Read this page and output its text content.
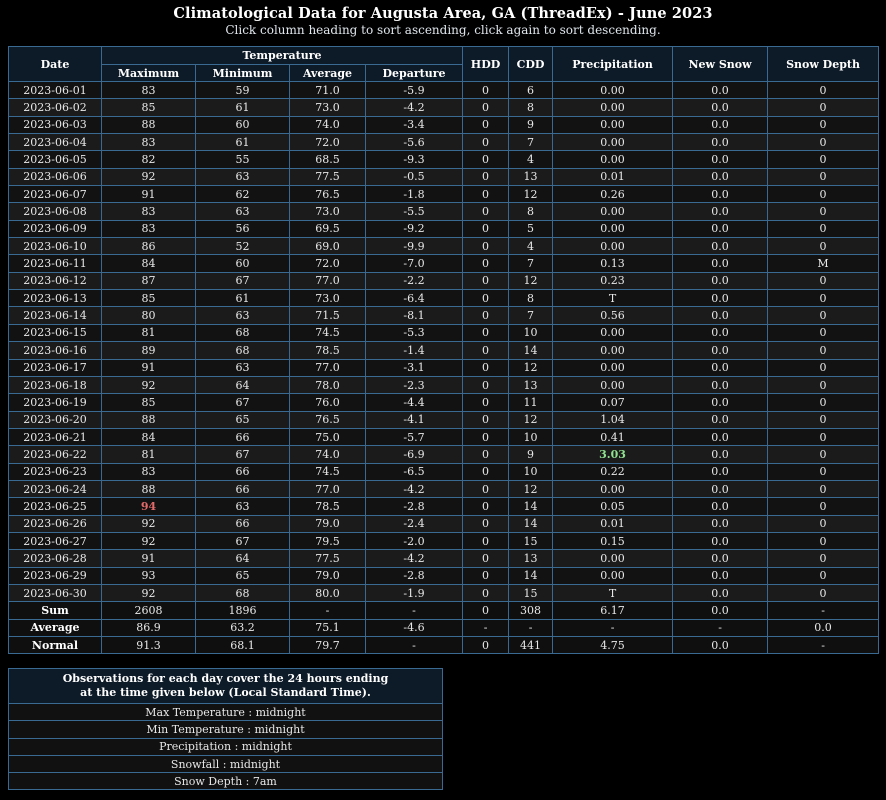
Climatological Data for Augusta Area, GA (ThreadEx) - June 2023
Click column heading to sort ascending, click again to sort descending.
Date	Temperature				HDD	CDD	Precipitation	New Snow	Snow Depth
	Maximum	Minimum	Average	Departure					
2023-06-01	83	59	71.0	-5.9	0	6	0.00	0.0	0
2023-06-02	85	61	73.0	-4.2	0	8	0.00	0.0	0
2023-06-03	88	60	74.0	-3.4	0	9	0.00	0.0	0
2023-06-04	83	61	72.0	-5.6	0	7	0.00	0.0	0
2023-06-05	82	55	68.5	-9.3	0	4	0.00	0.0	0
2023-06-06	92	63	77.5	-0.5	0	13	0.01	0.0	0
2023-06-07	91	62	76.5	-1.8	0	12	0.26	0.0	0
2023-06-08	83	63	73.0	-5.5	0	8	0.00	0.0	0
2023-06-09	83	56	69.5	-9.2	0	5	0.00	0.0	0
2023-06-10	86	52	69.0	-9.9	0	4	0.00	0.0	0
2023-06-11	84	60	72.0	-7.0	0	7	0.13	0.0	M
2023-06-12	87	67	77.0	-2.2	0	12	0.23	0.0	0
2023-06-13	85	61	73.0	-6.4	0	8	T	0.0	0
2023-06-14	80	63	71.5	-8.1	0	7	0.56	0.0	0
2023-06-15	81	68	74.5	-5.3	0	10	0.00	0.0	0
2023-06-16	89	68	78.5	-1.4	0	14	0.00	0.0	0
2023-06-17	91	63	77.0	-3.1	0	12	0.00	0.0	0
2023-06-18	92	64	78.0	-2.3	0	13	0.00	0.0	0
2023-06-19	85	67	76.0	-4.4	0	11	0.07	0.0	0
2023-06-20	88	65	76.5	-4.1	0	12	1.04	0.0	0
2023-06-21	84	66	75.0	-5.7	0	10	0.41	0.0	0
2023-06-22	81	67	74.0	-6.9	0	9	3.03	0.0	0
2023-06-23	83	66	74.5	-6.5	0	10	0.22	0.0	0
2023-06-24	88	66	77.0	-4.2	0	12	0.00	0.0	0
2023-06-25	94	63	78.5	-2.8	0	14	0.05	0.0	0
2023-06-26	92	66	79.0	-2.4	0	14	0.01	0.0	0
2023-06-27	92	67	79.5	-2.0	0	15	0.15	0.0	0
2023-06-28	91	64	77.5	-4.2	0	13	0.00	0.0	0
2023-06-29	93	65	79.0	-2.8	0	14	0.00	0.0	0
2023-06-30	92	68	80.0	-1.9	0	15	T	0.0	0
Sum	2608	1896	-	-	0	308	6.17	0.0	-
Average	86.9	63.2	75.1	-4.6	-	-	-	-	0.0
Normal	91.3	68.1	79.7	-	0	441	4.75	0.0	-
Observations for each day cover the 24 hours ending
at the time given below (Local Standard Time).
Max Temperature : midnight
Min Temperature : midnight
Precipitation : midnight
Snowfall : midnight
Snow Depth : 7am
